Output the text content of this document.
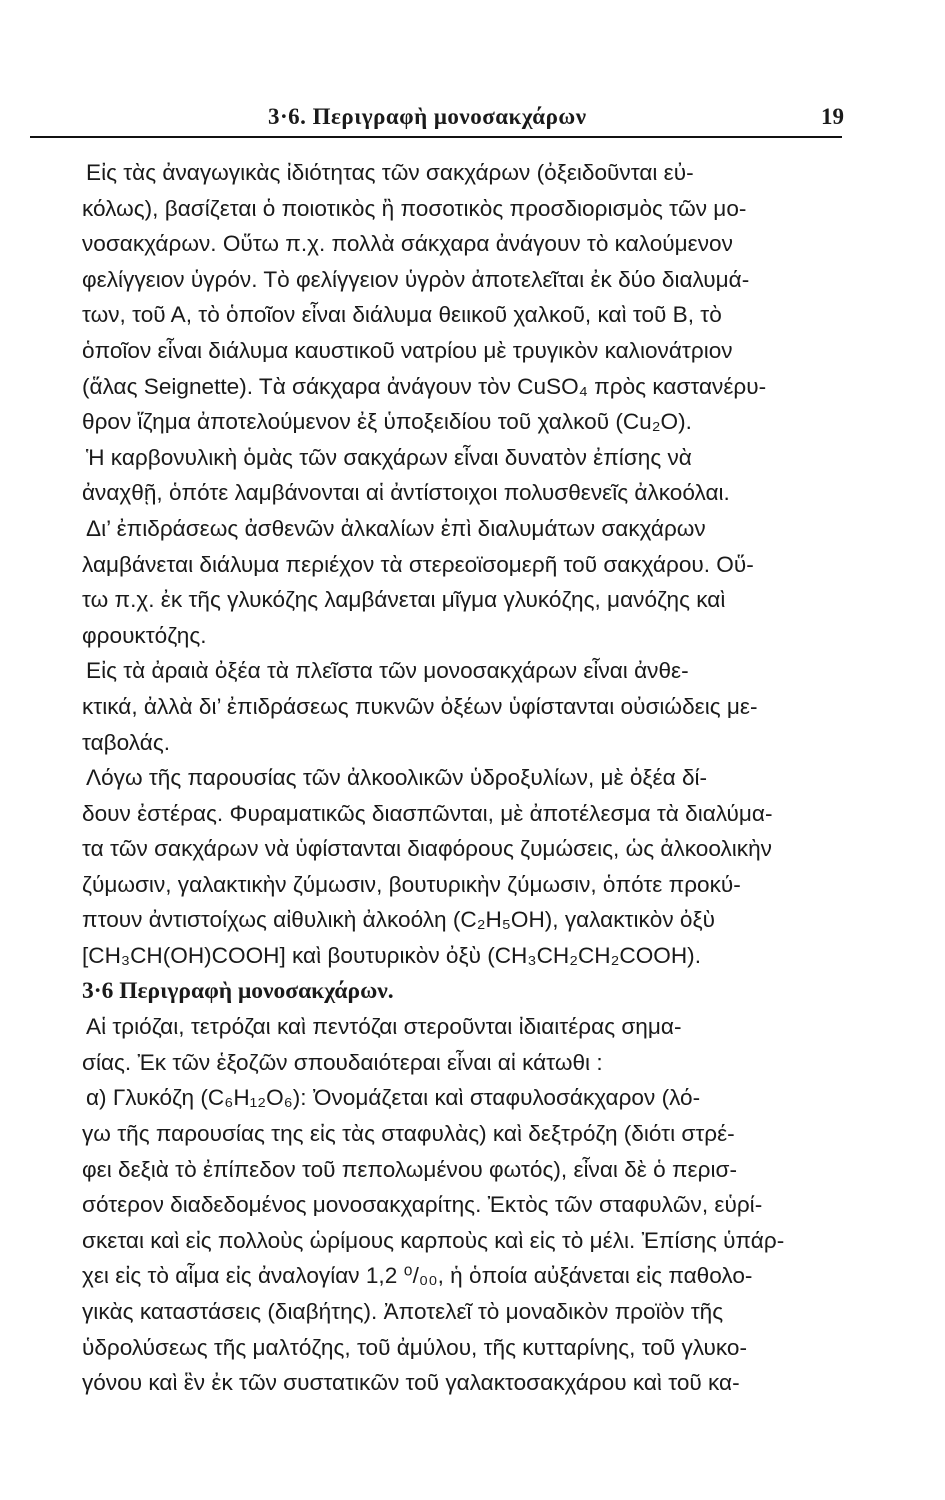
3·6. Περιγραφὴ μονοσακχάρων	19
Εἰς τὰς ἀναγωγικὰς ἰδιότητας τῶν σακχάρων (ὀξειδοῦνται εὐ-
κόλως), βασίζεται ὁ ποιοτικὸς ἢ ποσοτικὸς προσδιορισμὸς τῶν μο-
νοσακχάρων. Οὕτω π.χ. πολλὰ σάκχαρα ἀνάγουν τὸ καλούμενον
φελίγγειον ὑγρόν. Τὸ φελίγγειον ὑγρὸν ἀποτελεῖται ἐκ δύο διαλυμά-
των, τοῦ Α, τὸ ὁποῖον εἶναι διάλυμα θειικοῦ χαλκοῦ, καὶ τοῦ Β, τὸ
ὁποῖον εἶναι διάλυμα καυστικοῦ νατρίου μὲ τρυγικὸν καλιονάτριον
(ἅλας Seignette). Τὰ σάκχαρα ἀνάγουν τὸν CuSO₄ πρὸς καστανέρυ-
θρον ἵζημα ἀποτελούμενον ἐξ ὑποξειδίου τοῦ χαλκοῦ (Cu₂O).
Ἡ καρβονυλικὴ ὁμὰς τῶν σακχάρων εἶναι δυνατὸν ἐπίσης νὰ
ἀναχθῇ, ὁπότε λαμβάνονται αἱ ἀντίστοιχοι πολυσθενεῖς ἀλκοόλαι.
Δι’ ἐπιδράσεως ἀσθενῶν ἀλκαλίων ἐπὶ διαλυμάτων σακχάρων
λαμβάνεται διάλυμα περιέχον τὰ στερεοϊσομερῆ τοῦ σακχάρου. Οὕ-
τω π.χ. ἐκ τῆς γλυκόζης λαμβάνεται μῖγμα γλυκόζης, μανόζης καὶ
φρουκτόζης.
Εἰς τὰ ἀραιὰ ὀξέα τὰ πλεῖστα τῶν μονοσακχάρων εἶναι ἀνθε-
κτικά, ἀλλὰ δι’ ἐπιδράσεως πυκνῶν ὀξέων ὑφίστανται οὐσιώδεις με-
ταβολάς.
Λόγω τῆς παρουσίας τῶν ἀλκοολικῶν ὑδροξυλίων, μὲ ὀξέα δί-
δουν ἐστέρας. Φυραματικῶς διασπῶνται, μὲ ἀποτέλεσμα τὰ διαλύμα-
τα τῶν σακχάρων νὰ ὑφίστανται διαφόρους ζυμώσεις, ὡς ἀλκοολικὴν
ζύμωσιν, γαλακτικὴν ζύμωσιν, βουτυρικὴν ζύμωσιν, ὁπότε προκύ-
πτουν ἀντιστοίχως αἰθυλικὴ ἀλκοόλη (C₂H₅OH), γαλακτικὸν ὀξὺ
[CH₃CH(OH)COOH] καὶ βουτυρικὸν ὀξὺ (CH₃CH₂CH₂COOH).
3·6 Περιγραφὴ μονοσακχάρων.
Αἱ τριόζαι, τετρόζαι καὶ πεντόζαι στεροῦνται ἰδιαιτέρας σημα-
σίας. Ἐκ τῶν ἑξοζῶν σπουδαιότεραι εἶναι αἱ κάτωθι :
α) Γλυκόζη (C₆H₁₂O₆): Ὀνομάζεται καὶ σταφυλοσάκχαρον (λό-
γω τῆς παρουσίας της εἰς τὰς σταφυλὰς) καὶ δεξτρόζη (διότι στρέ-
φει δεξιὰ τὸ ἐπίπεδον τοῦ πεπολωμένου φωτός), εἶναι δὲ ὁ περισ-
σότερον διαδεδομένος μονοσακχαρίτης. Ἐκτὸς τῶν σταφυλῶν, εὑρί-
σκεται καὶ εἰς πολλοὺς ὡρίμους καρποὺς καὶ εἰς τὸ μέλι. Ἐπίσης ὑπάρ-
χει εἰς τὸ αἷμα εἰς ἀναλογίαν 1,2 ⁰/₀₀, ἡ ὁποία αὐξάνεται εἰς παθολο-
γικὰς καταστάσεις (διαβήτης). Ἀποτελεῖ τὸ μοναδικὸν προϊὸν τῆς
ὑδρολύσεως τῆς μαλτόζης, τοῦ ἀμύλου, τῆς κυτταρίνης, τοῦ γλυκο-
γόνου καὶ ἓν ἐκ τῶν συστατικῶν τοῦ γαλακτοσακχάρου καὶ τοῦ κα-
